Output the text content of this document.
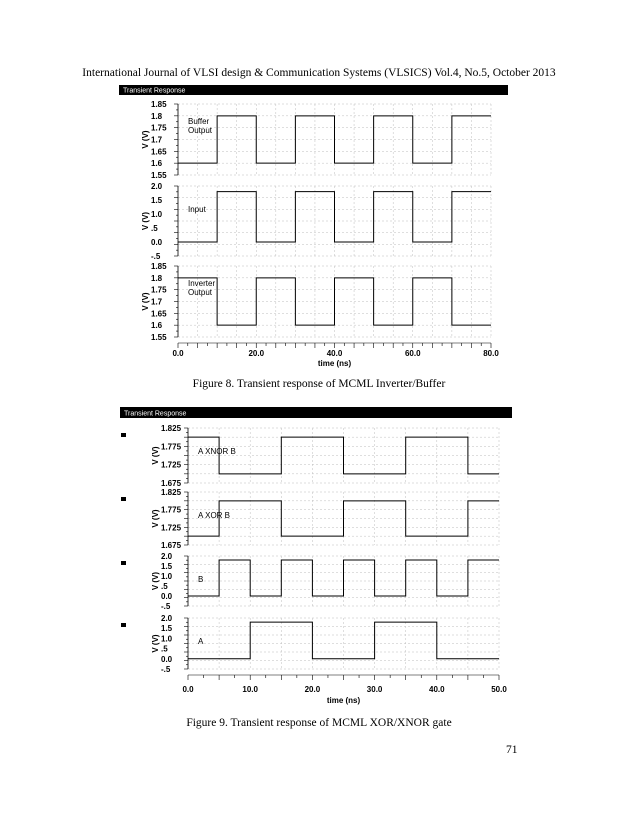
International Journal of VLSI design & Communication Systems (VLSICS) Vol.4, No.5, October 2013
Transient Response
1.85
1.8
1.75
1.7
1.65
1.6
1.55
V (V)
Buffer
Output
2.0
1.5
1.0
.5
0.0
-.5
V (V)
Input
1.85
1.8
1.75
1.7
1.65
1.6
1.55
V (V)
Inverter
Output
0.0	20.0	40.0	60.0	80.0
time (ns)
Figure 8. Transient response of MCML Inverter/Buffer
Transient Response
1.825
1.775
1.725
1.675
V (V)	A XNOR B
1.825
1.775
1.725
1.675
V (V)	A XOR B
2.0
1.5
1.0
.5
0.0
-.5
V (V)	B
2.0
1.5
1.0
.5
0.0
-.5
V (V)	A
0.0	10.0	20.0	30.0	40.0	50.0
time (ns)
Figure 9. Transient response of MCML XOR/XNOR gate
71
